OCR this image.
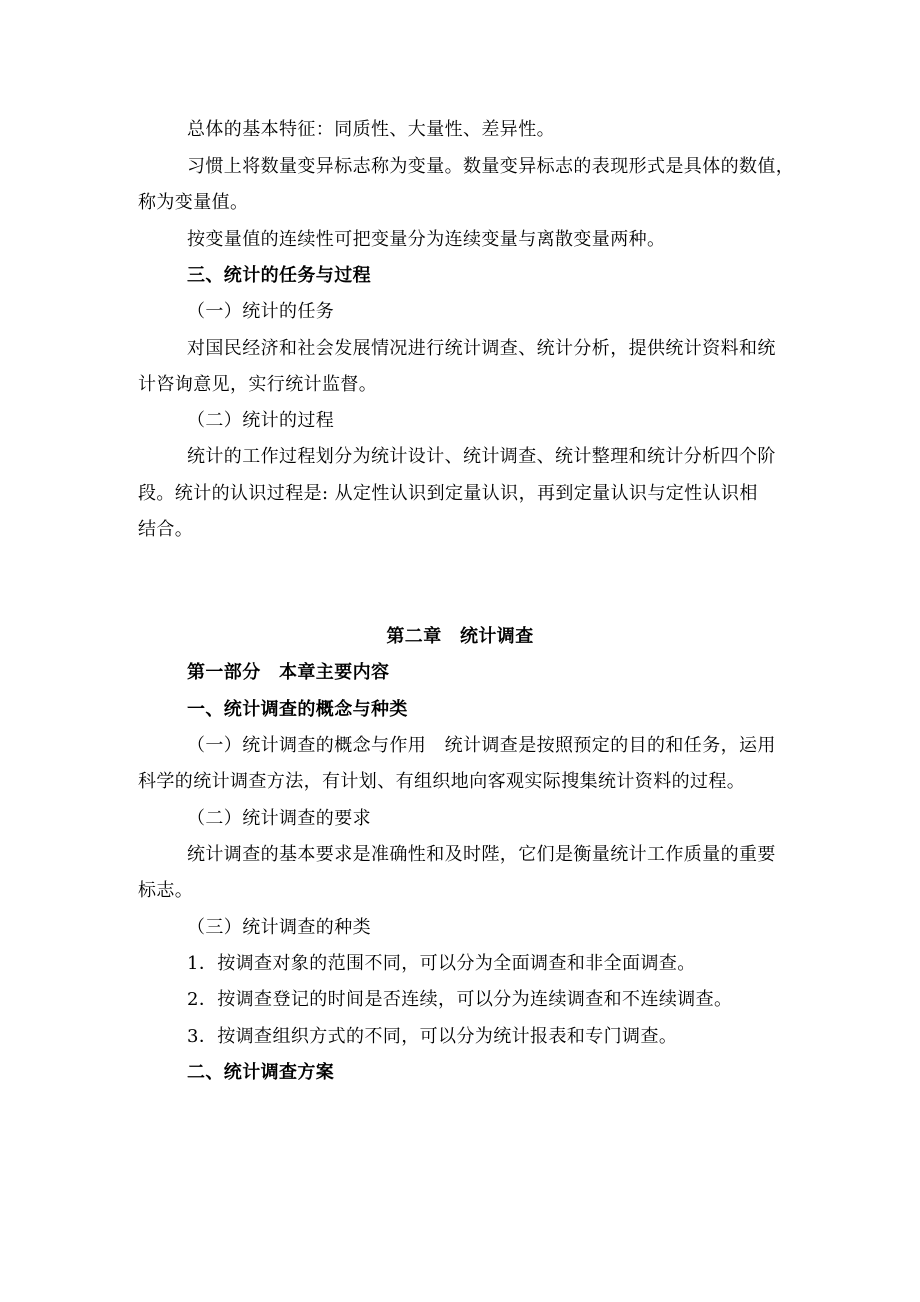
总体的基本特征：同质性、大量性、差异性。
习惯上将数量变异标志称为变量。数量变异标志的表现形式是具体的数值，
称为变量值。
按变量值的连续性可把变量分为连续变量与离散变量两种。
三、统计的任务与过程
（一）统计的任务
对国民经济和社会发展情况进行统计调查、统计分析，提供统计资料和统
计咨询意见，实行统计监督。
（二）统计的过程
统计的工作过程划分为统计设计、统计调查、统计整理和统计分析四个阶
段。统计的认识过程是: 从定性认识到定量认识，再到定量认识与定性认识相
结合。
第二章　统计调查
第一部分　本章主要内容
一、统计调查的概念与种类
（一）统计调查的概念与作用　统计调查是按照预定的目的和任务，运用
科学的统计调查方法，有计划、有组织地向客观实际搜集统计资料的过程。
（二）统计调查的要求
统计调查的基本要求是准确性和及时陛，它们是衡量统计工作质量的重要
标志。
（三）统计调查的种类
1．按调查对象的范围不同，可以分为全面调查和非全面调查。
2．按调查登记的时间是否连续，可以分为连续调查和不连续调查。
3．按调查组织方式的不同，可以分为统计报表和专门调查。
二、统计调查方案
